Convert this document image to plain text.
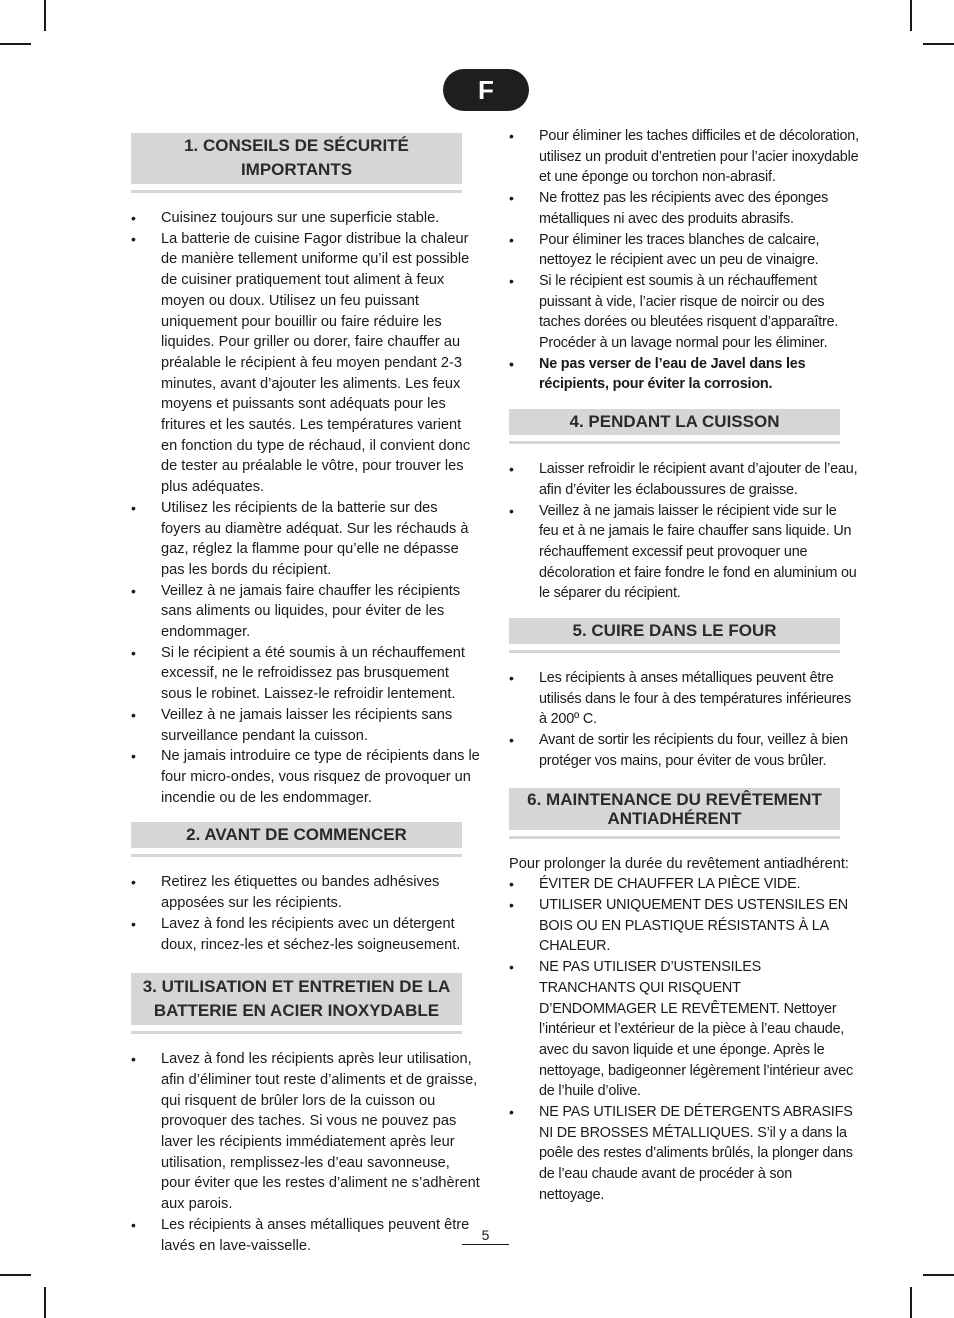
F
1. CONSEILS DE SÉCURITÉ IMPORTANTS
• Cuisinez toujours sur une superficie stable.
• La batterie de cuisine Fagor distribue la chaleur de manière tellement uniforme qu’il est possible de cuisiner pratiquement tout aliment à feux moyen ou doux. Utilisez un feu puissant uniquement pour bouillir ou faire réduire les liquides. Pour griller ou dorer, faire chauffer au préalable le récipient à feu moyen pendant 2-3 minutes, avant d’ajouter les aliments. Les feux moyens et puissants sont adéquats pour les fritures et les sautés. Les températures varient en fonction du type de réchaud, il convient donc de tester au préalable le vôtre, pour trouver les plus adéquates.
• Utilisez les récipients de la batterie sur des foyers au diamètre adéquat. Sur les réchauds à gaz, réglez la flamme pour qu’elle ne dépasse pas les bords du récipient.
• Veillez à ne jamais faire chauffer les récipients sans aliments ou liquides, pour éviter de les endommager.
• Si le récipient a été soumis à un réchauffement excessif, ne le refroidissez pas brusquement sous le robinet. Laissez-le refroidir lentement.
• Veillez à ne jamais laisser les récipients sans surveillance pendant la cuisson.
• Ne jamais introduire ce type de récipients dans le four micro-ondes, vous risquez de provoquer un incendie ou de les endommager.
2. AVANT DE COMMENCER
• Retirez les étiquettes ou bandes adhésives apposées sur les récipients.
• Lavez à fond les récipients avec un détergent doux, rincez-les et séchez-les soigneusement.
3. UTILISATION ET ENTRETIEN DE LA BATTERIE EN ACIER INOXYDABLE
• Lavez à fond les récipients après leur utilisation, afin d’éliminer tout reste d’aliments et de graisse, qui risquent de brûler lors de la cuisson ou provoquer des taches. Si vous ne pouvez pas laver les récipients immédiatement après leur utilisation, remplissez-les d’eau savonneuse, pour éviter que les restes d’aliment ne s’adhèrent aux parois.
• Les récipients à anses métalliques peuvent être lavés en lave-vaisselle.
• Pour éliminer les taches difficiles et de décoloration, utilisez un produit d’entretien pour l’acier inoxydable et une éponge ou torchon non-abrasif.
• Ne frottez pas les récipients avec des éponges métalliques ni avec des produits abrasifs.
• Pour éliminer les traces blanches de calcaire, nettoyez le récipient avec un peu de vinaigre.
• Si le récipient est soumis à un réchauffement puissant à vide, l’acier risque de noircir ou des taches dorées ou bleutées risquent d’apparaître. Procéder à un lavage normal pour les éliminer.
• Ne pas verser de l’eau de Javel dans les récipients, pour éviter la corrosion.
4. PENDANT LA CUISSON
• Laisser refroidir le récipient avant d’ajouter de l’eau, afin d’éviter les éclaboussures de graisse.
• Veillez à ne jamais laisser le récipient vide sur le feu et à ne jamais le faire chauffer sans liquide. Un réchauffement excessif peut provoquer une décoloration et faire fondre le fond en aluminium ou le séparer du récipient.
5. CUIRE DANS LE FOUR
• Les récipients à anses métalliques peuvent être utilisés dans le four à des températures inférieures à 200º C.
• Avant de sortir les récipients du four, veillez à bien protéger vos mains, pour éviter de vous brûler.
6. MAINTENANCE DU REVÊTEMENT ANTIADHÉRENT

Pour prolonger la durée du revêtement antiadhérent:

• ÉVITER DE CHAUFFER LA PIÈCE VIDE.
• UTILISER UNIQUEMENT DES USTENSILES EN BOIS OU EN PLASTIQUE RÉSISTANTS À LA CHALEUR.
• NE PAS UTILISER D’USTENSILES TRANCHANTS QUI RISQUENT D’ENDOMMAGER LE REVÊTEMENT. Nettoyer l’intérieur et l’extérieur de la pièce à l’eau chaude, avec du savon liquide et une éponge. Après le nettoyage, badigeonner légèrement l’intérieur avec de l’huile d’olive.
• NE PAS UTILISER DE DÉTERGENTS ABRASIFS NI DE BROSSES MÉTALLIQUES. S’il y a dans la poêle des restes d’aliments brûlés, la plonger dans de l’eau chaude avant de procéder à son nettoyage.
5
